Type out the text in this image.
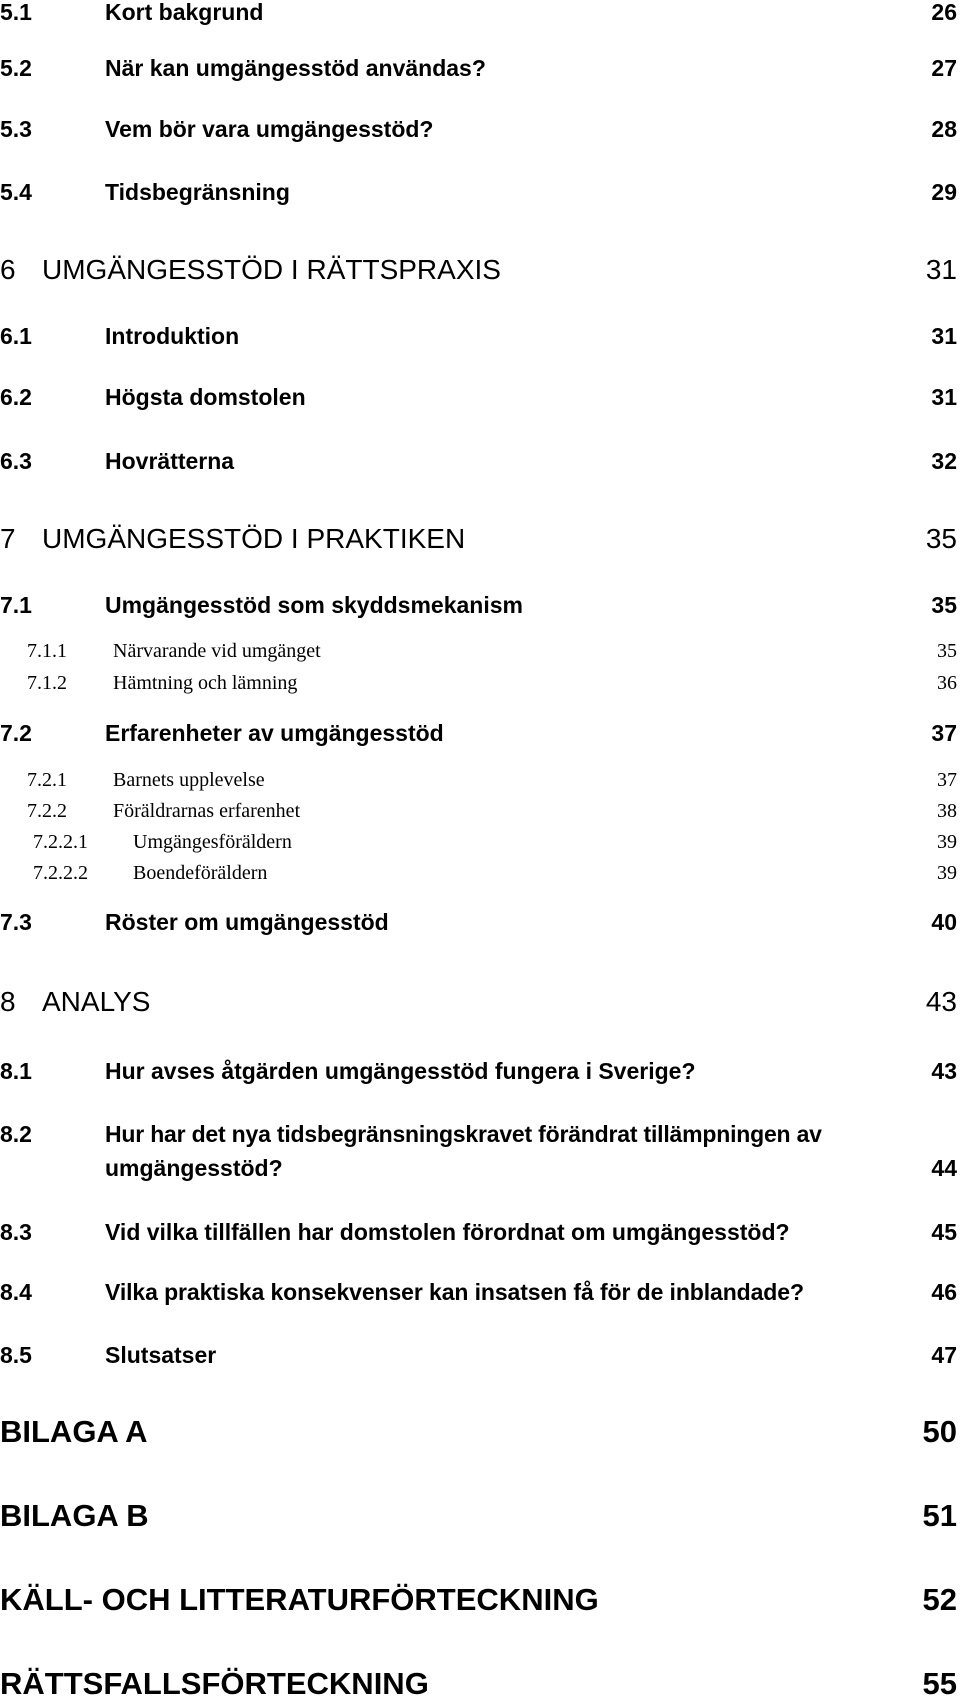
5.1	Kort bakgrund	26
5.2	När kan umgängesstöd användas?	27
5.3	Vem bör vara umgängesstöd?	28
5.4	Tidsbegränsning	29
6 UMGÄNGESSTÖD I RÄTTSPRAXIS	31
6.1	Introduktion	31
6.2	Högsta domstolen	31
6.3	Hovrätterna	32
7 UMGÄNGESSTÖD I PRAKTIKEN	35
7.1	Umgängesstöd som skyddsmekanism	35
7.1.1 Närvarande vid umgänget	35
7.1.2 Hämtning och lämning	36
7.2	Erfarenheter av umgängesstöd	37
7.2.1 Barnets upplevelse	37
7.2.2 Föräldrarnas erfarenhet	38
7.2.2.1 Umgängesföräldern	39
7.2.2.2 Boendeföräldern	39
7.3	Röster om umgängesstöd	40
8 ANALYS	43
8.1	Hur avses åtgärden umgängesstöd fungera i Sverige?	43
8.2	Hur har det nya tidsbegränsningskravet förändrat tillämpningen av
umgängesstöd?	44
8.3	Vid vilka tillfällen har domstolen förordnat om umgängesstöd?	45
8.4	Vilka praktiska konsekvenser kan insatsen få för de inblandade?	46
8.5	Slutsatser	47
BILAGA A	50
BILAGA B	51
KÄLL- OCH LITTERATURFÖRTECKNING	52
RÄTTSFALLSFÖRTECKNING	55
